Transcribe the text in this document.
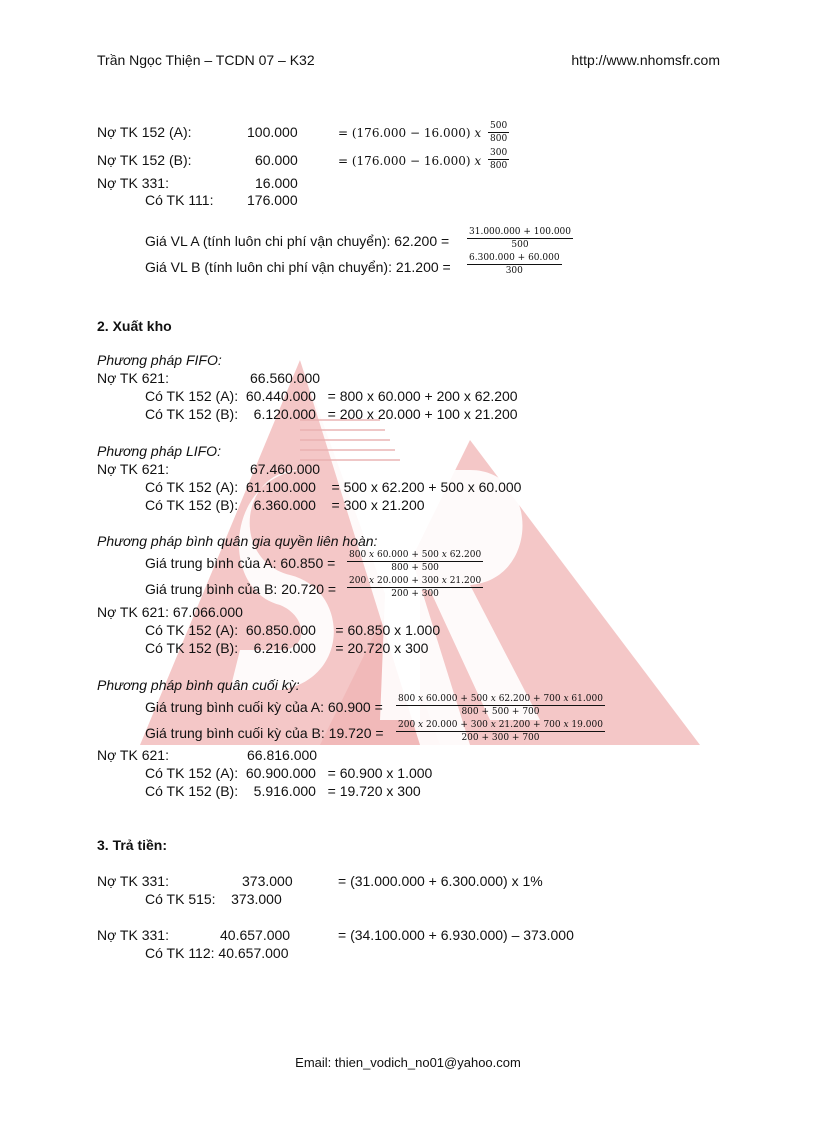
Trần Ngọc Thiện – TCDN 07 – K32	http://www.nhomsfr.com
Nợ TK 152 (A):	100.000	= (176.000 − 16.000) 𝑥 $\frac{500}{800}$
Nợ TK 152 (B):	60.000	= (176.000 − 16.000) 𝑥 $\frac{300}{800}$
Nợ TK 331:	16.000
Có TK 111: 176.000
Giá VL A (tính luôn chi phí vận chuyển): $62.200 = \frac{31.000.000 + 100.000}{500}$
Giá VL B (tính luôn chi phí vận chuyển): $21.200 = \frac{6.300.000 + 60.000}{300}$
2. Xuất kho
Phương pháp FIFO:
Nợ TK 621:	66.560.000
Có TK 152 (A):  60.440.000   = 800 x 60.000 + 200 x 62.200
Có TK 152 (B):    6.120.000   = 200 x 20.000 + 100 x 21.200
Phương pháp LIFO:
Nợ TK 621:	67.460.000
Có TK 152 (A):  61.100.000    = 500 x 62.200 + 500 x 60.000
Có TK 152 (B):    6.360.000    = 300 x 21.200
Phương pháp bình quân gia quyền liên hoàn:
Giá trung bình của A: 60.850 = 800 𝑥 60.000 + 500 𝑥 62.200
800 + 500
Giá trung bình của B: 20.720 = 200 𝑥 20.000 + 300 𝑥 21.200
200 + 300
Nợ TK 621: 67.066.000
Có TK 152 (A):  60.850.000     = 60.850 x 1.000
Có TK 152 (B):    6.216.000     = 20.720 x 300
Phương pháp bình quân cuối kỳ:
Giá trung bình cuối kỳ của A: 60.900 = 800 𝑥 60.000 + 500 𝑥 62.200 + 700 𝑥 61.000
800 + 500 + 700
Giá trung bình cuối kỳ của B: 19.720 = 200 𝑥 20.000 + 300 𝑥 21.200 + 700 𝑥 19.000
200 + 300 + 700
Nợ TK 621:	66.816.000
Có TK 152 (A):  60.900.000   = 60.900 x 1.000
Có TK 152 (B):    5.916.000   = 19.720 x 300
3. Trả tiền:
Nợ TK 331:	373.000	= (31.000.000 + 6.300.000) x 1%
Có TK 515:    373.000
Nợ TK 331:	40.657.000	= (34.100.000 + 6.930.000) – 373.000
Có TK 112: 40.657.000
Email: thien_vodich_no01@yahoo.com
